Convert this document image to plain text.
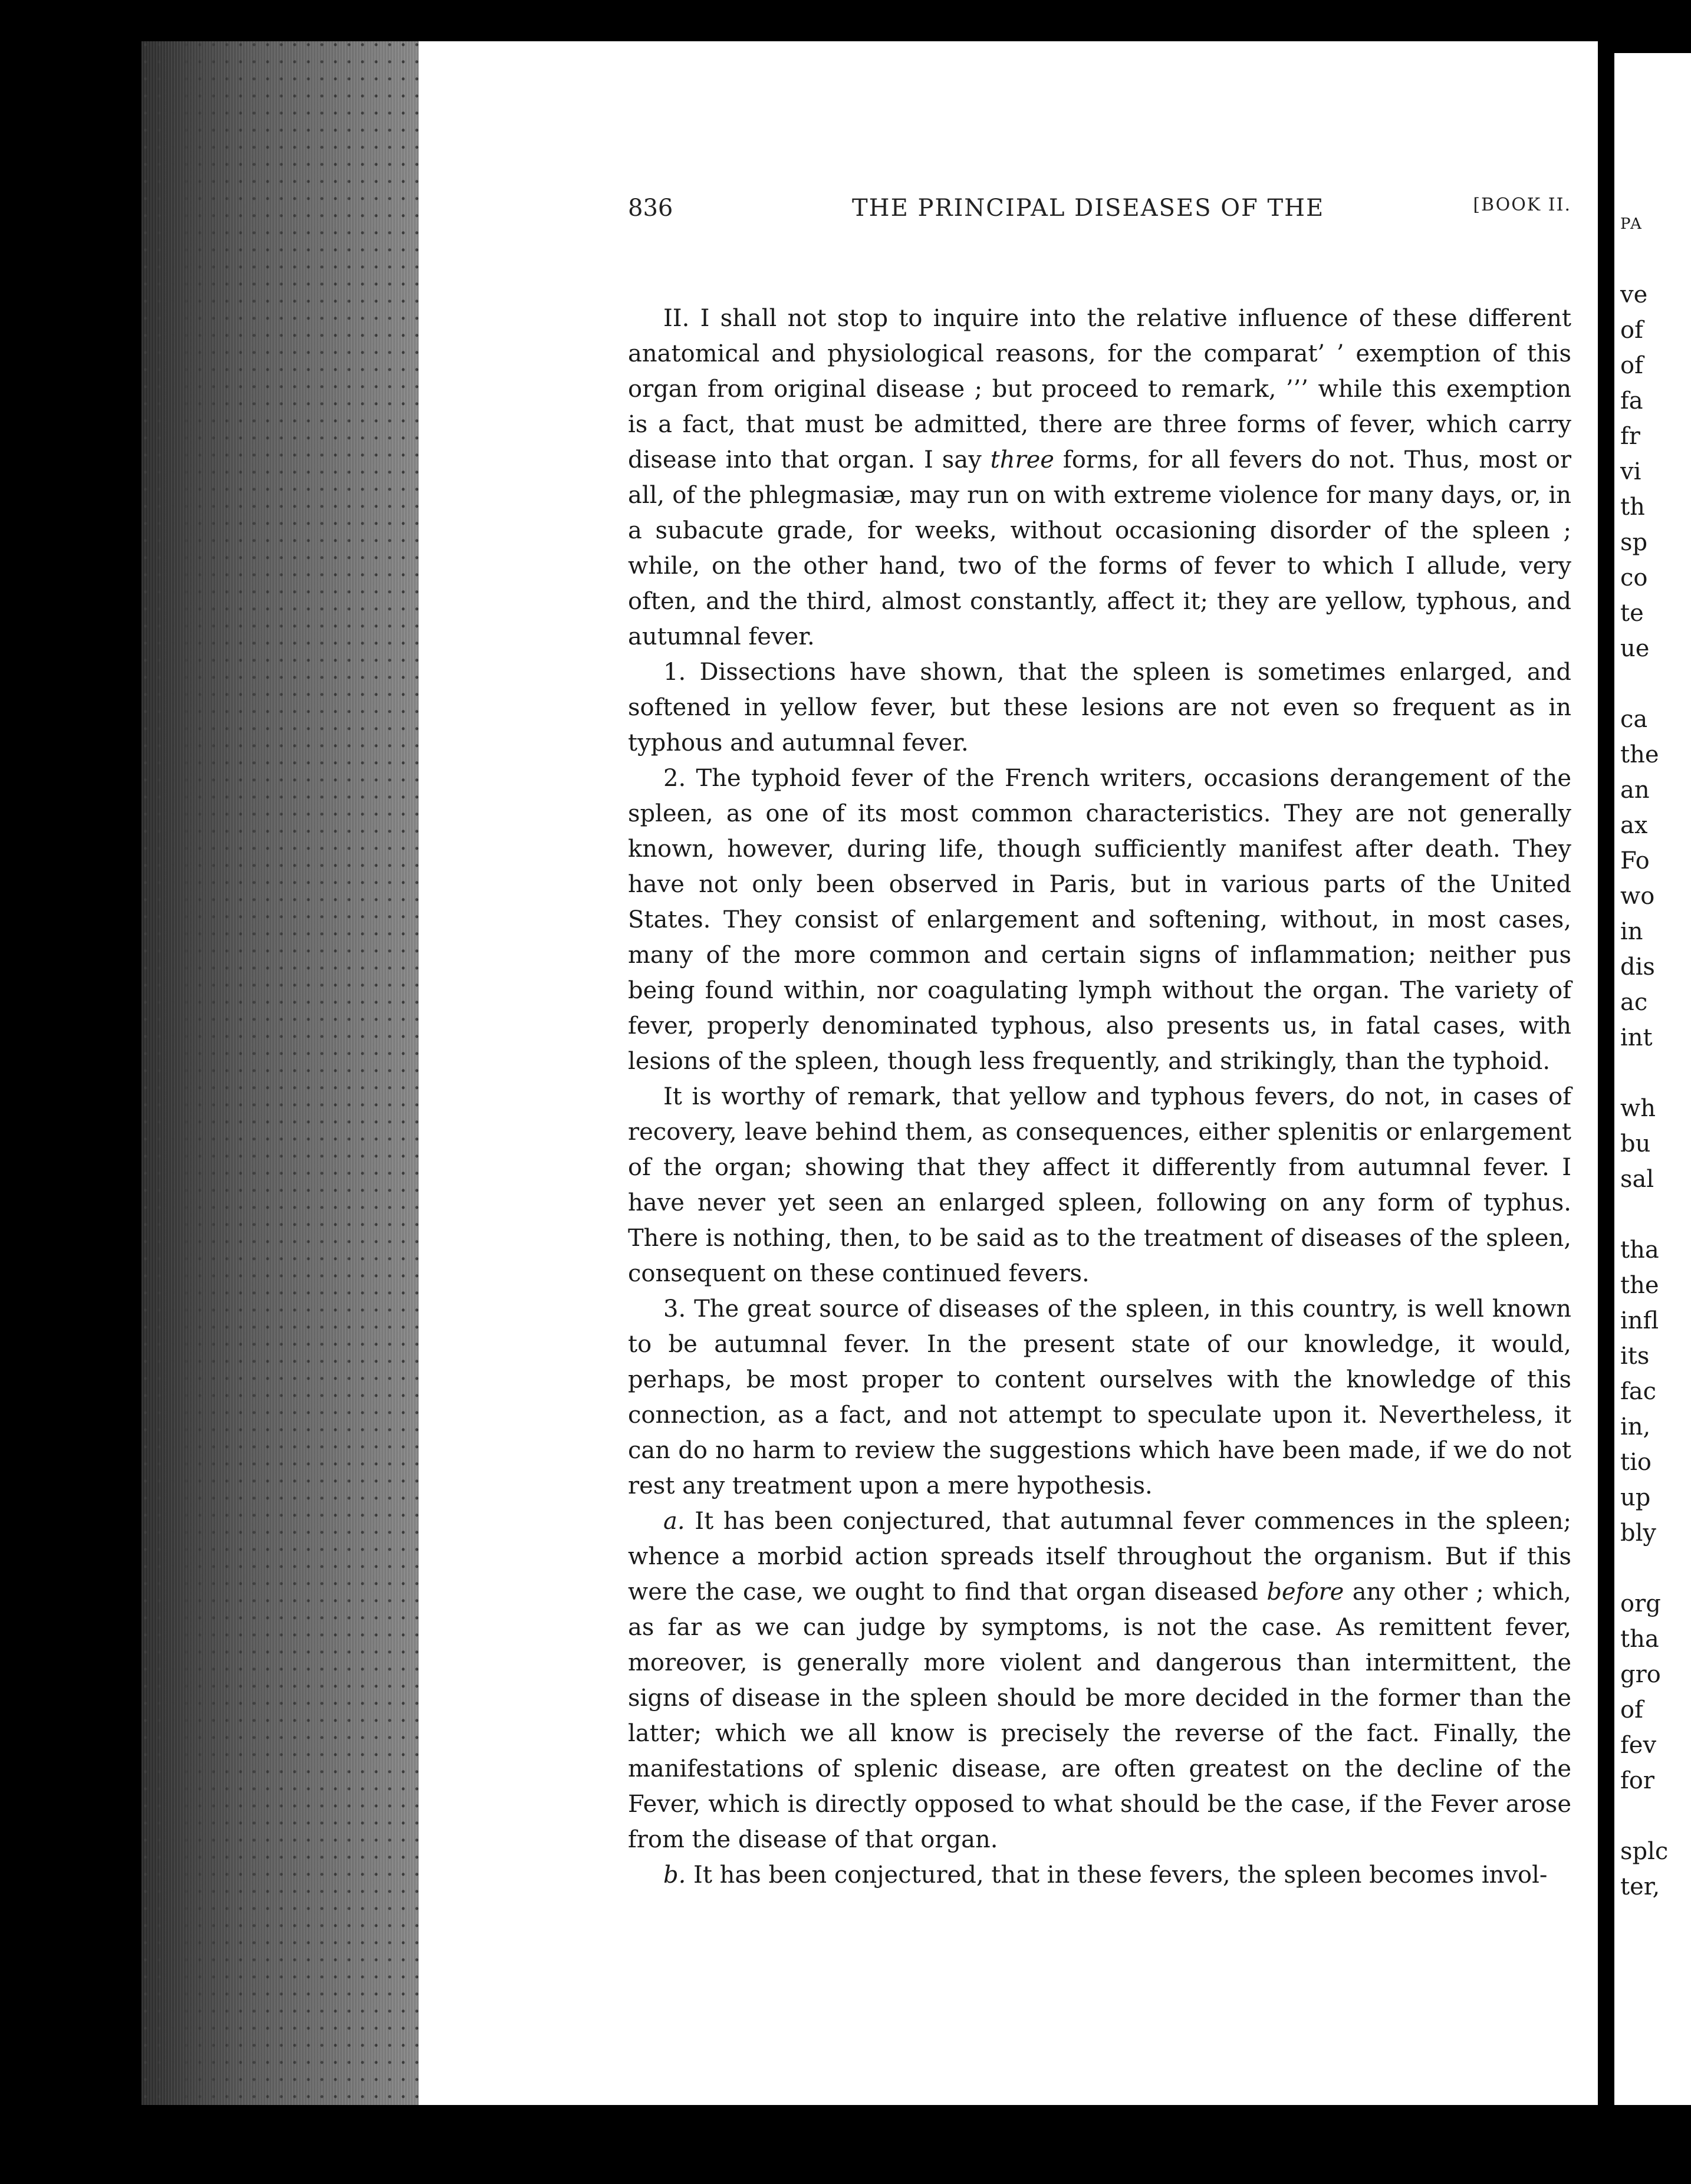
836	THE PRINCIPAL DISEASES OF THE	[BOOK II.

II. I shall not stop to inquire into the relative influence of these different anatomical and physiological reasons, for the comparat’ ’ exemption of this organ from original disease ; but proceed to remark, ’’’ while this exemption is a fact, that must be admitted, there are three forms of fever, which carry disease into that organ. I say three forms, for all fevers do not. Thus, most or all, of the phlegmasiæ, may run on with extreme violence for many days, or, in a subacute grade, for weeks, without occasioning disorder of the spleen ; while, on the other hand, two of the forms of fever to which I allude, very often, and the third, almost constantly, affect it; they are yellow, typhous, and autumnal fever.

1. Dissections have shown, that the spleen is sometimes enlarged, and softened in yellow fever, but these lesions are not even so frequent as in typhous and autumnal fever.

2. The typhoid fever of the French writers, occasions derangement of the spleen, as one of its most common characteristics. They are not generally known, however, during life, though sufficiently manifest after death. They have not only been observed in Paris, but in various parts of the United States. They consist of enlargement and softening, without, in most cases, many of the more common and certain signs of inflammation; neither pus being found within, nor coagulating lymph without the organ. The variety of fever, properly denominated typhous, also presents us, in fatal cases, with lesions of the spleen, though less frequently, and strikingly, than the typhoid.

It is worthy of remark, that yellow and typhous fevers, do not, in cases of recovery, leave behind them, as consequences, either splenitis or enlargement of the organ; showing that they affect it differently from autumnal fever. I have never yet seen an enlarged spleen, following on any form of typhus. There is nothing, then, to be said as to the treatment of diseases of the spleen, consequent on these continued fevers.

3. The great source of diseases of the spleen, in this country, is well known to be autumnal fever. In the present state of our knowledge, it would, perhaps, be most proper to content ourselves with the knowledge of this connection, as a fact, and not attempt to speculate upon it. Nevertheless, it can do no harm to review the suggestions which have been made, if we do not rest any treatment upon a mere hypothesis.

a. It has been conjectured, that autumnal fever commences in the spleen; whence a morbid action spreads itself throughout the organism. But if this were the case, we ought to find that organ diseased before any other ; which, as far as we can judge by symptoms, is not the case. As remittent fever, moreover, is generally more violent and dangerous than intermittent, the signs of disease in the spleen should be more decided in the former than the latter; which we all know is precisely the reverse of the fact. Finally, the manifestations of splenic disease, are often greatest on the decline of the Fever, which is directly opposed to what should be the case, if the Fever arose from the disease of that organ.

b. It has been conjectured, that in these fevers, the spleen becomes invol-

PA
ve
of
of
fa
fr
vi
th
sp
co
te
ue
ca
the
an
ax
Fo
wo
in
dis
ac
int
wh
bu
sal
tha
the
infl
its
fac
in,
tio
up
bly
org
tha
gro
of
fev
for
splc
ter,
